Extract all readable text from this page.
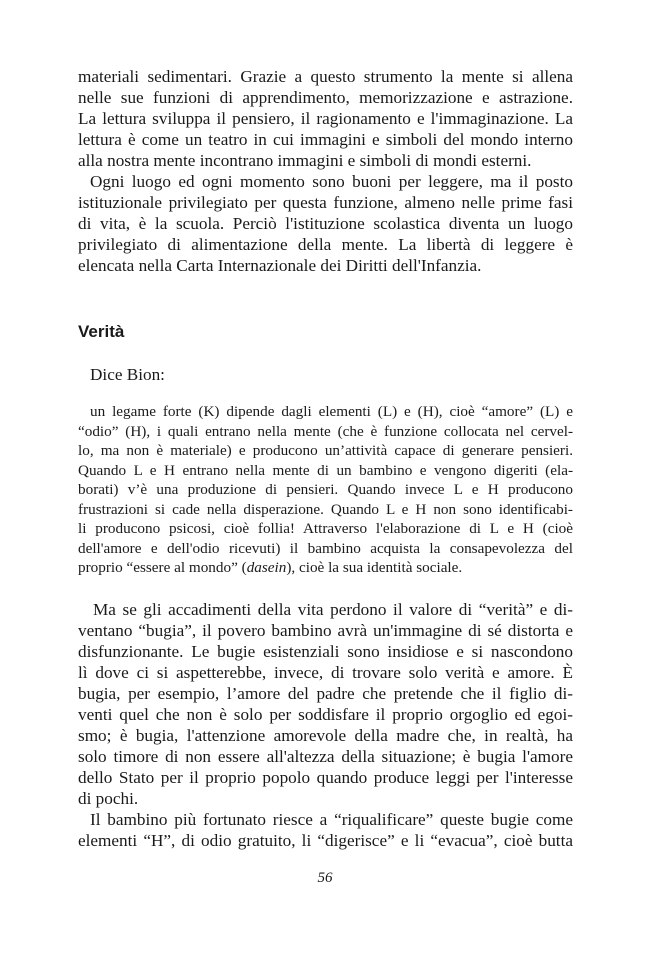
materiali sedimentari. Grazie a questo strumento la mente si allena
nelle sue funzioni di apprendimento, memorizzazione e astrazione.
La lettura sviluppa il pensiero, il ragionamento e l'immaginazione. La
lettura è come un teatro in cui immagini e simboli del mondo interno
alla nostra mente incontrano immagini e simboli di mondi esterni.
Ogni luogo ed ogni momento sono buoni per leggere, ma il posto
istituzionale privilegiato per questa funzione, almeno nelle prime fasi
di vita, è la scuola. Perciò l'istituzione scolastica diventa un luogo
privilegiato di alimentazione della mente. La libertà di leggere è
elencata nella Carta Internazionale dei Diritti dell'Infanzia.
Verità
Dice Bion:
un legame forte (K) dipende dagli elementi (L) e (H), cioè “amore” (L) e
“odio” (H), i quali entrano nella mente (che è funzione collocata nel cervel-
lo, ma non è materiale) e producono un’attività capace di generare pensieri.
Quando L e H entrano nella mente di un bambino e vengono digeriti (ela-
borati) v’è una produzione di pensieri. Quando invece L e H producono
frustrazioni si cade nella disperazione. Quando L e H non sono identificabi-
li producono psicosi, cioè follia! Attraverso l'elaborazione di L e H (cioè
dell'amore e dell'odio ricevuti) il bambino acquista la consapevolezza del
proprio “essere al mondo” (dasein), cioè la sua identità sociale.
Ma se gli accadimenti della vita perdono il valore di “verità” e di-
ventano “bugia”, il povero bambino avrà un'immagine di sé distorta e
disfunzionante. Le bugie esistenziali sono insidiose e si nascondono
lì dove ci si aspetterebbe, invece, di trovare solo verità e amore. È
bugia, per esempio, l’amore del padre che pretende che il figlio di-
venti quel che non è solo per soddisfare il proprio orgoglio ed egoi-
smo; è bugia, l'attenzione amorevole della madre che, in realtà, ha
solo timore di non essere all'altezza della situazione; è bugia l'amore
dello Stato per il proprio popolo quando produce leggi per l'interesse
di pochi.
Il bambino più fortunato riesce a “riqualificare” queste bugie come
elementi “H”, di odio gratuito, li “digerisce” e li “evacua”, cioè butta
56
